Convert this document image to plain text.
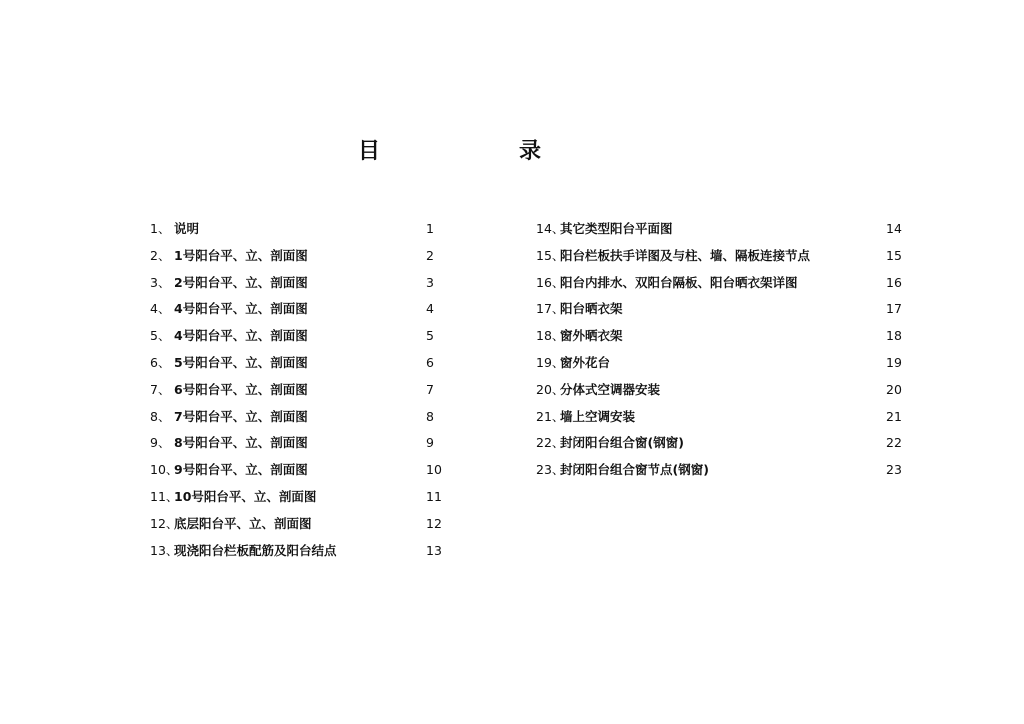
目	录
1、 说明	1
2、 1号阳台平、立、剖面图	2
3、 2号阳台平、立、剖面图	3
4、 4号阳台平、立、剖面图	4
5、 4号阳台平、立、剖面图	5
6、 5号阳台平、立、剖面图	6
7、 6号阳台平、立、剖面图	7
8、 7号阳台平、立、剖面图	8
9、 8号阳台平、立、剖面图	9
10、9号阳台平、立、剖面图	10
11、10号阳台平、立、剖面图	11
12、底层阳台平、立、剖面图	12
13、现浇阳台栏板配筋及阳台结点	13
14、其它类型阳台平面图	14
15、阳台栏板扶手详图及与柱、墙、隔板连接节点	15
16、阳台内排水、双阳台隔板、阳台晒衣架详图	16
17、阳台晒衣架	17
18、窗外晒衣架	18
19、窗外花台	19
20、分体式空调器安装	20
21、墙上空调安装	21
22、封闭阳台组合窗(钢窗)	22
23、封闭阳台组合窗节点(钢窗)	23
